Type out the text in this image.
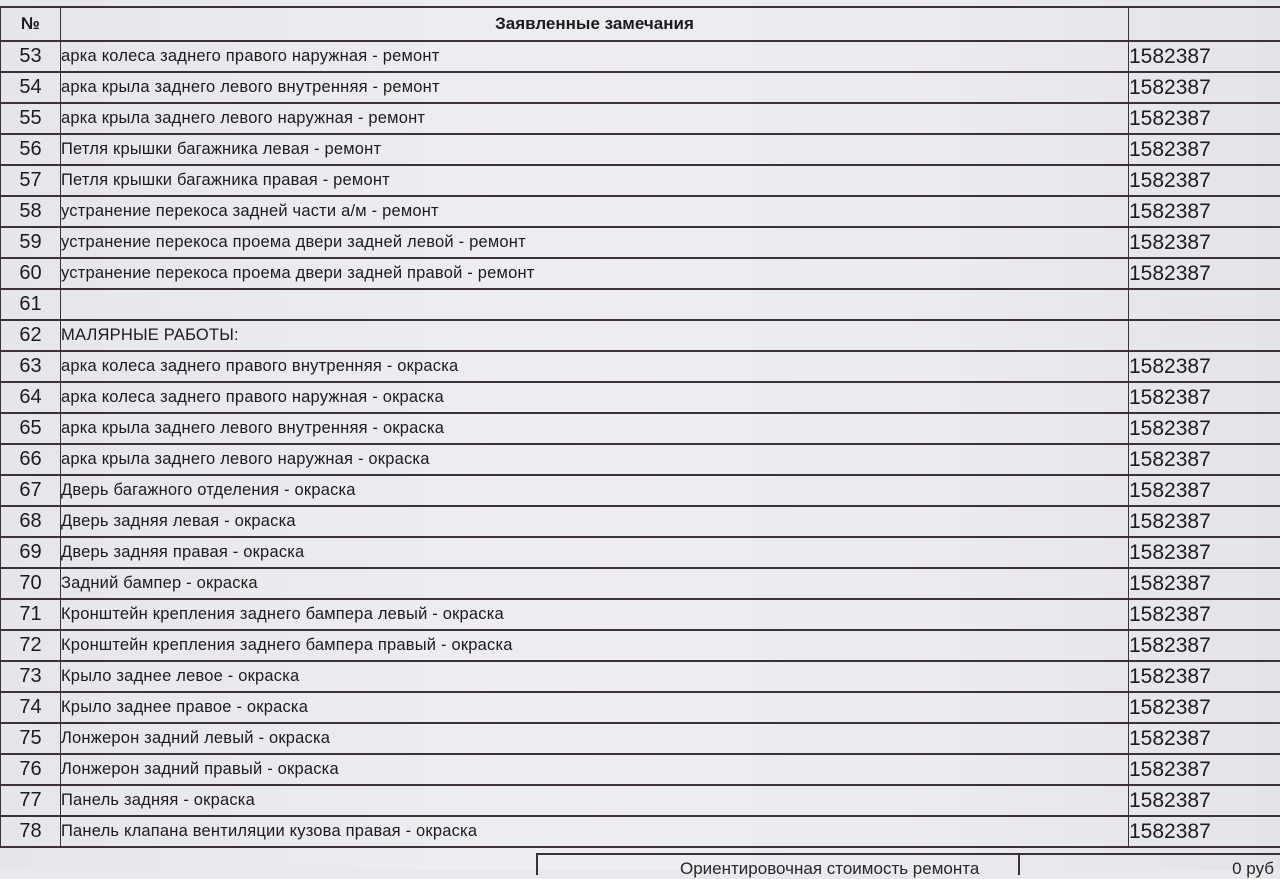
№	Заявленные замечания	
53	арка колеса заднего правого наружная - ремонт	1582387
54	арка крыла заднего левого внутренняя - ремонт	1582387
55	арка крыла заднего левого наружная - ремонт	1582387
56	Петля крышки багажника левая - ремонт	1582387
57	Петля крышки багажника правая - ремонт	1582387
58	устранение перекоса задней части а/м - ремонт	1582387
59	устранение перекоса проема двери задней левой - ремонт	1582387
60	устранение перекоса проема двери задней правой - ремонт	1582387
61		
62	МАЛЯРНЫЕ РАБОТЫ:	
63	арка колеса заднего правого внутренняя - окраска	1582387
64	арка колеса заднего правого наружная - окраска	1582387
65	арка крыла заднего левого внутренняя - окраска	1582387
66	арка крыла заднего левого наружная - окраска	1582387
67	Дверь багажного отделения - окраска	1582387
68	Дверь задняя левая - окраска	1582387
69	Дверь задняя правая - окраска	1582387
70	Задний бампер - окраска	1582387
71	Кронштейн крепления заднего бампера левый - окраска	1582387
72	Кронштейн крепления заднего бампера правый - окраска	1582387
73	Крыло заднее левое - окраска	1582387
74	Крыло заднее правое - окраска	1582387
75	Лонжерон задний левый - окраска	1582387
76	Лонжерон задний правый - окраска	1582387
77	Панель задняя - окраска	1582387
78	Панель клапана вентиляции кузова правая - окраска	1582387
Ориентировочная стоимость ремонта	0 руб
